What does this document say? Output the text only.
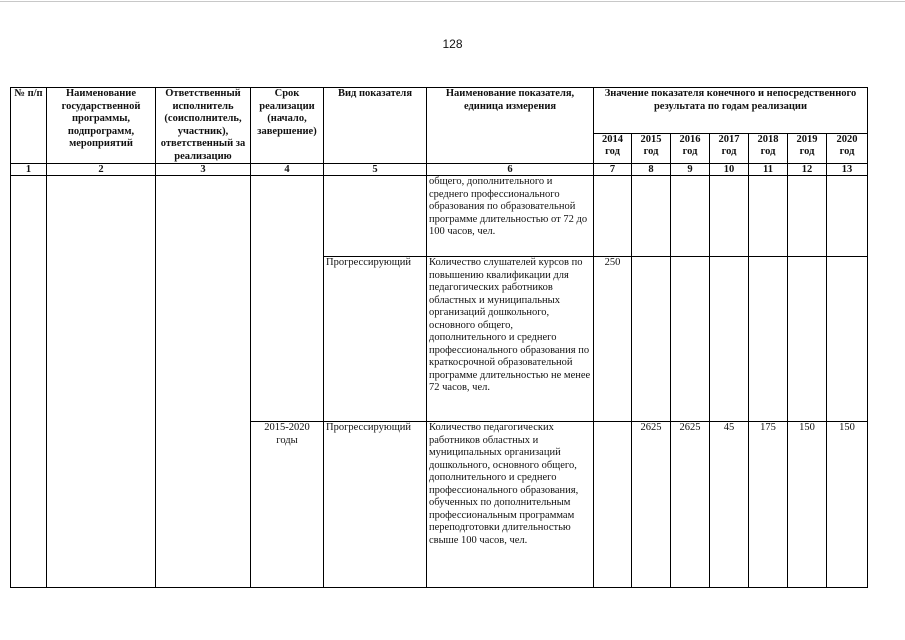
128
№ п/п	Наименование государственной программы, подпрограмм, мероприятий	Ответственный исполнитель (соисполнитель, участник), ответственный за реализацию	Срок реализации (начало, завершение)	Вид показателя	Наименование показателя, единица измерения	Значение показателя конечного и непосредственного результата по годам реализации						
						2014 год	2015 год	2016 год	2017 год	2018 год	2019 год	2020 год
1	2	3	4	5	6	7	8	9	10	11	12	13
					общего, дополнительного и среднего профессионального образования по образовательной программе длительностью от 72 до 100 часов, чел.							
				Прогрессирующий	Количество слушателей курсов по повышению квалификации для педагогических работников областных и муниципальных организаций дошкольного, основного общего, дополнительного и среднего профессионального образования по краткосрочной образовательной программе длительностью не менее 72 часов, чел.	250						
			2015-2020 годы	Прогрессирующий	Количество педагогических работников областных и муниципальных организаций дошкольного, основного общего, дополнительного и среднего профессионального образования, обученных по дополнительным профессиональным программам переподготовки длительностью свыше 100 часов, чел.		2625	2625	45	175	150	150
